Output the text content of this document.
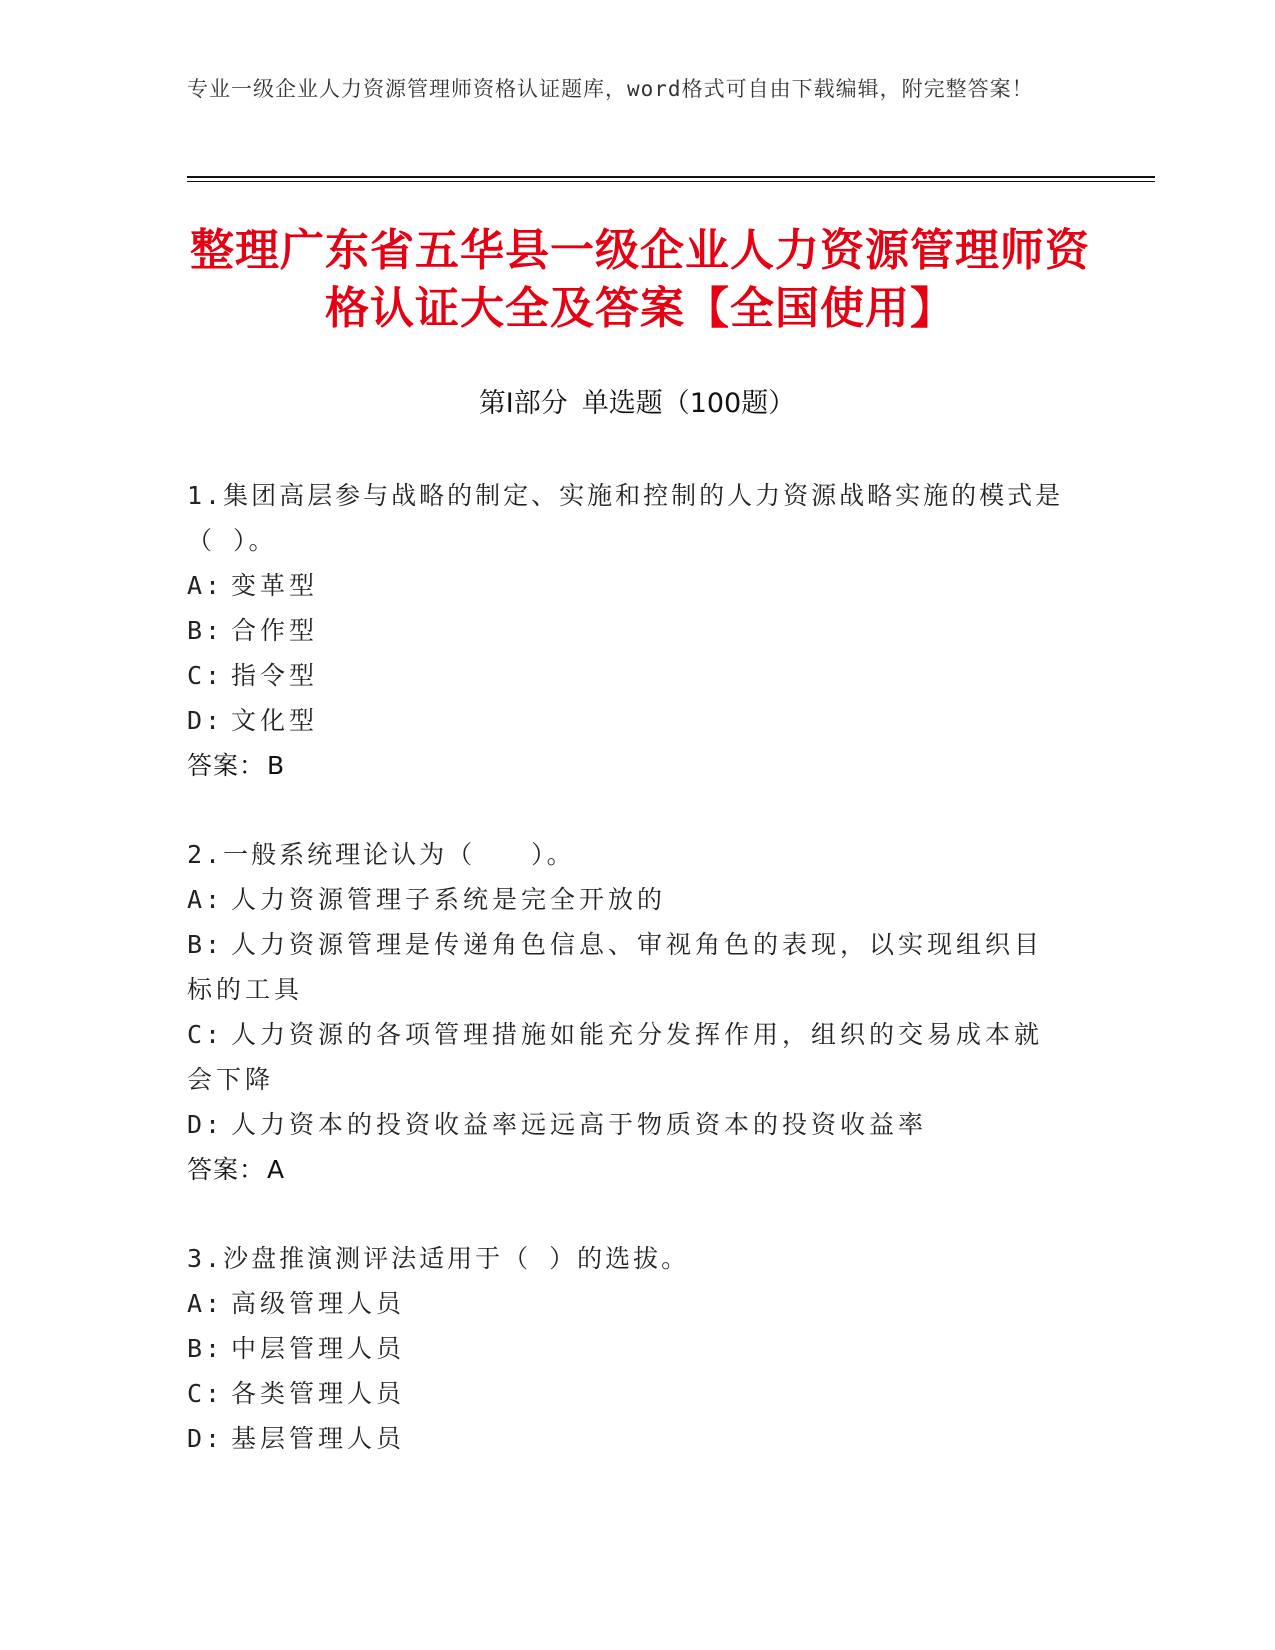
专业一级企业人力资源管理师资格认证题库，word格式可自由下载编辑，附完整答案！
整理广东省五华县一级企业人力资源管理师资格认证大全及答案【全国使用】
第I部分 单选题（100题）
1.集团高层参与战略的制定、实施和控制的人力资源战略实施的模式是（ ）。
A: 变革型
B: 合作型
C: 指令型
D: 文化型
答案：B
2.一般系统理论认为（　　）。
A: 人力资源管理子系统是完全开放的
B: 人力资源管理是传递角色信息、审视角色的表现，以实现组织目标的工具
C: 人力资源的各项管理措施如能充分发挥作用，组织的交易成本就会下降
D: 人力资本的投资收益率远远高于物质资本的投资收益率
答案：A
3.沙盘推演测评法适用于（ ）的选拔。
A: 高级管理人员
B: 中层管理人员
C: 各类管理人员
D: 基层管理人员
